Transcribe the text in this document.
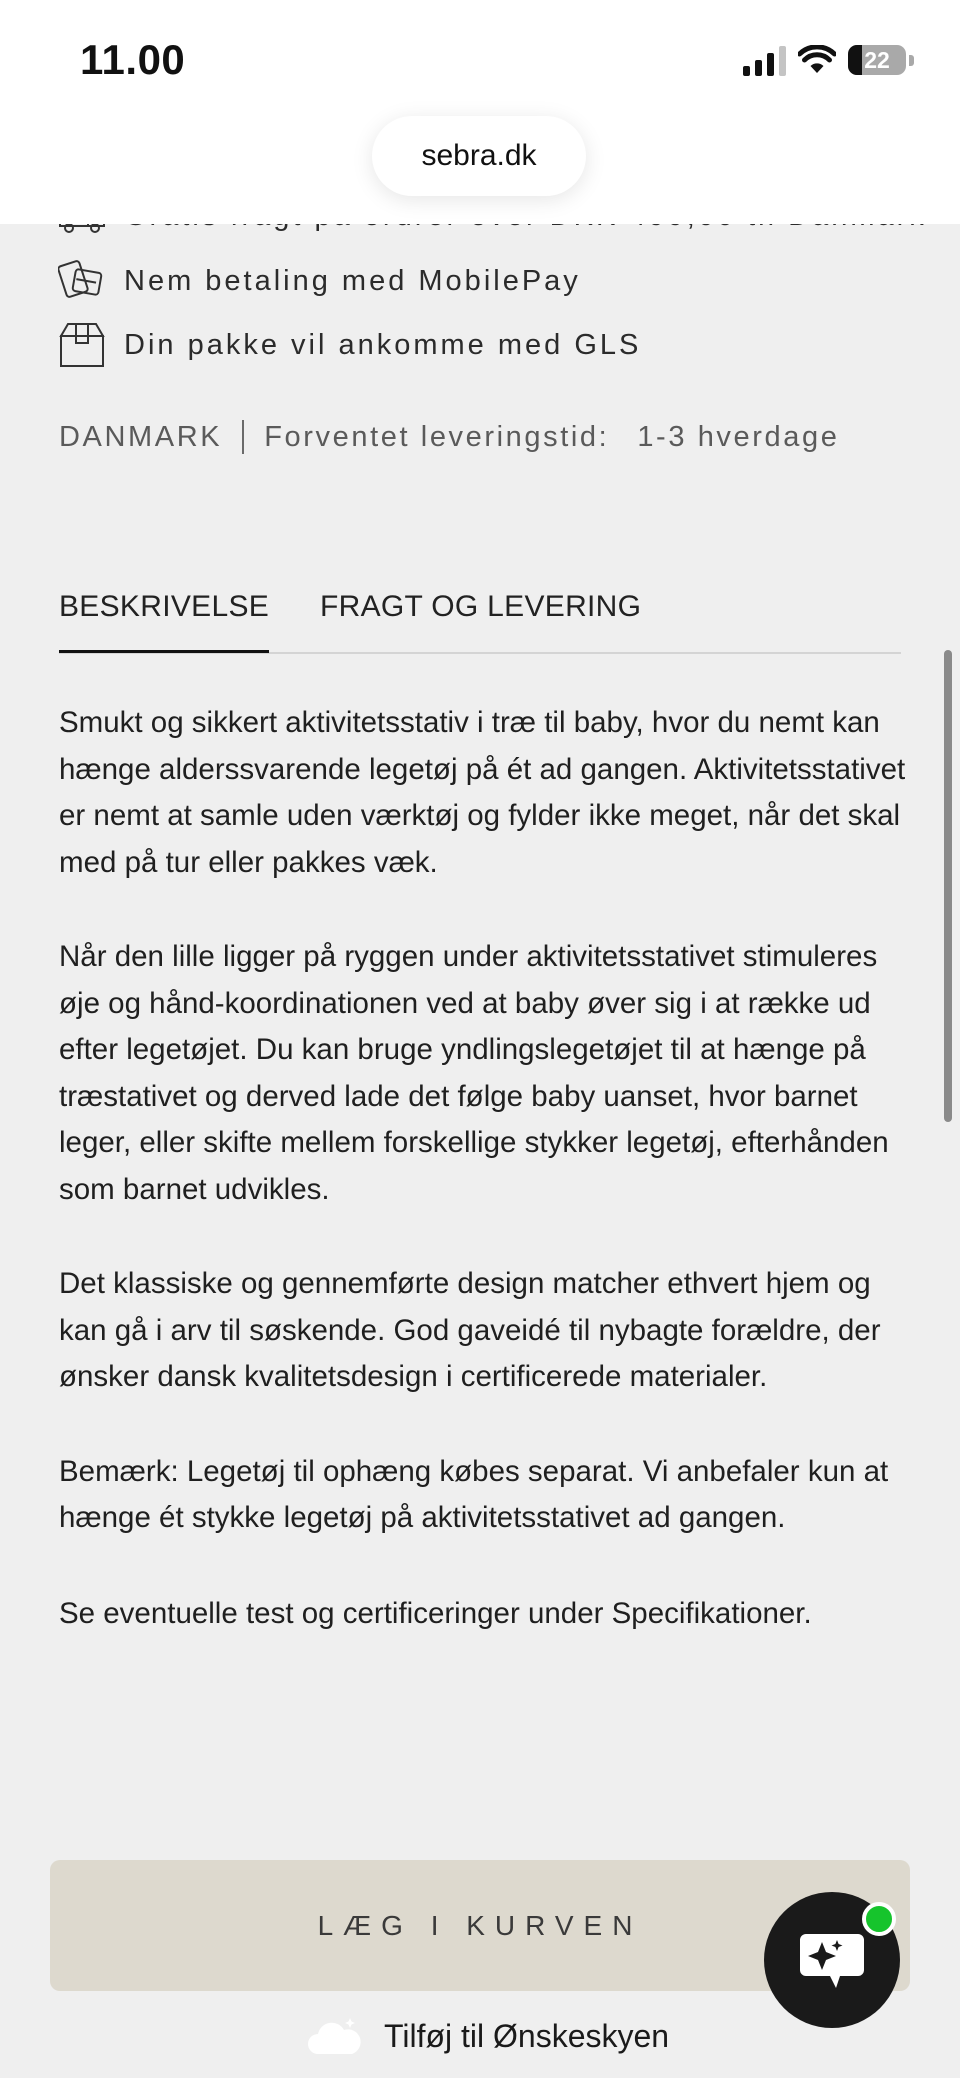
11.00	22
sebra.dk
Nem betaling med MobilePay
Din pakke vil ankomme med GLS
DANMARK Forventet leveringstid: 1-3 hverdage
BESKRIVELSE FRAGT OG LEVERING

Smukt og sikkert aktivitetsstativ i træ til baby, hvor du nemt kan hænge alderssvarende legetøj på ét ad gangen. Aktivitetsstativet er nemt at samle uden værktøj og fylder ikke meget, når det skal med på tur eller pakkes væk.

Når den lille ligger på ryggen under aktivitetsstativet stimuleres øje og hånd-koordinationen ved at baby øver sig i at række ud efter legetøjet. Du kan bruge yndlingslegetøjet til at hænge på træstativet og derved lade det følge baby uanset, hvor barnet leger, eller skifte mellem forskellige stykker legetøj, efterhånden som barnet udvikles.

Det klassiske og gennemførte design matcher ethvert hjem og kan gå i arv til søskende. God gaveidé til nybagte forældre, der ønsker dansk kvalitetsdesign i certificerede materialer.

Bemærk: Legetøj til ophæng købes separat. Vi anbefaler kun at hænge ét stykke legetøj på aktivitetsstativet ad gangen.

Se eventuelle test og certificeringer under Specifikationer.

LÆG I KURVEN
Tilføj til Ønskeskyen
